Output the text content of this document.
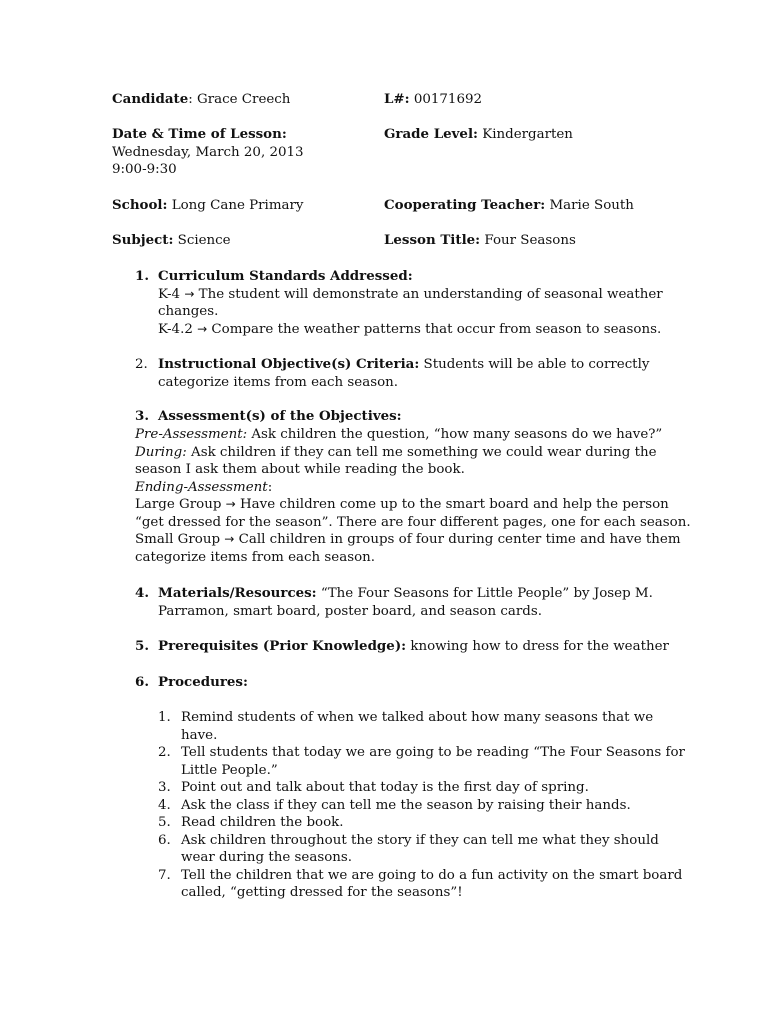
Candidate: Grace Creech	L#: 00171692
Date & Time of Lesson:
Wednesday, March 20, 2013
9:00-9:30
Grade Level: Kindergarten
School: Long Cane Primary	Cooperating Teacher: Marie South
Subject: Science	Lesson Title: Four Seasons
1. Curriculum Standards Addressed:
K-4 → The student will demonstrate an understanding of seasonal weather
changes.
K-4.2 → Compare the weather patterns that occur from season to seasons.
2. Instructional Objective(s) Criteria: Students will be able to correctly
categorize items from each season.
3. Assessment(s) of the Objectives:
Pre-Assessment: Ask children the question, “how many seasons do we have?”
During: Ask children if they can tell me something we could wear during the
season I ask them about while reading the book.
Ending-Assessment:
Large Group → Have children come up to the smart board and help the person
“get dressed for the season”. There are four different pages, one for each season.
Small Group → Call children in groups of four during center time and have them
categorize items from each season.
4. Materials/Resources: “The Four Seasons for Little People” by Josep M.
Parramon, smart board, poster board, and season cards.
5. Prerequisites (Prior Knowledge): knowing how to dress for the weather
6. Procedures:
1. Remind students of when we talked about how many seasons that we
have.
2. Tell students that today we are going to be reading “The Four Seasons for
Little People.”
3. Point out and talk about that today is the first day of spring.
4. Ask the class if they can tell me the season by raising their hands.
5. Read children the book.
6. Ask children throughout the story if they can tell me what they should
wear during the seasons.
7. Tell the children that we are going to do a fun activity on the smart board
called, “getting dressed for the seasons”!
